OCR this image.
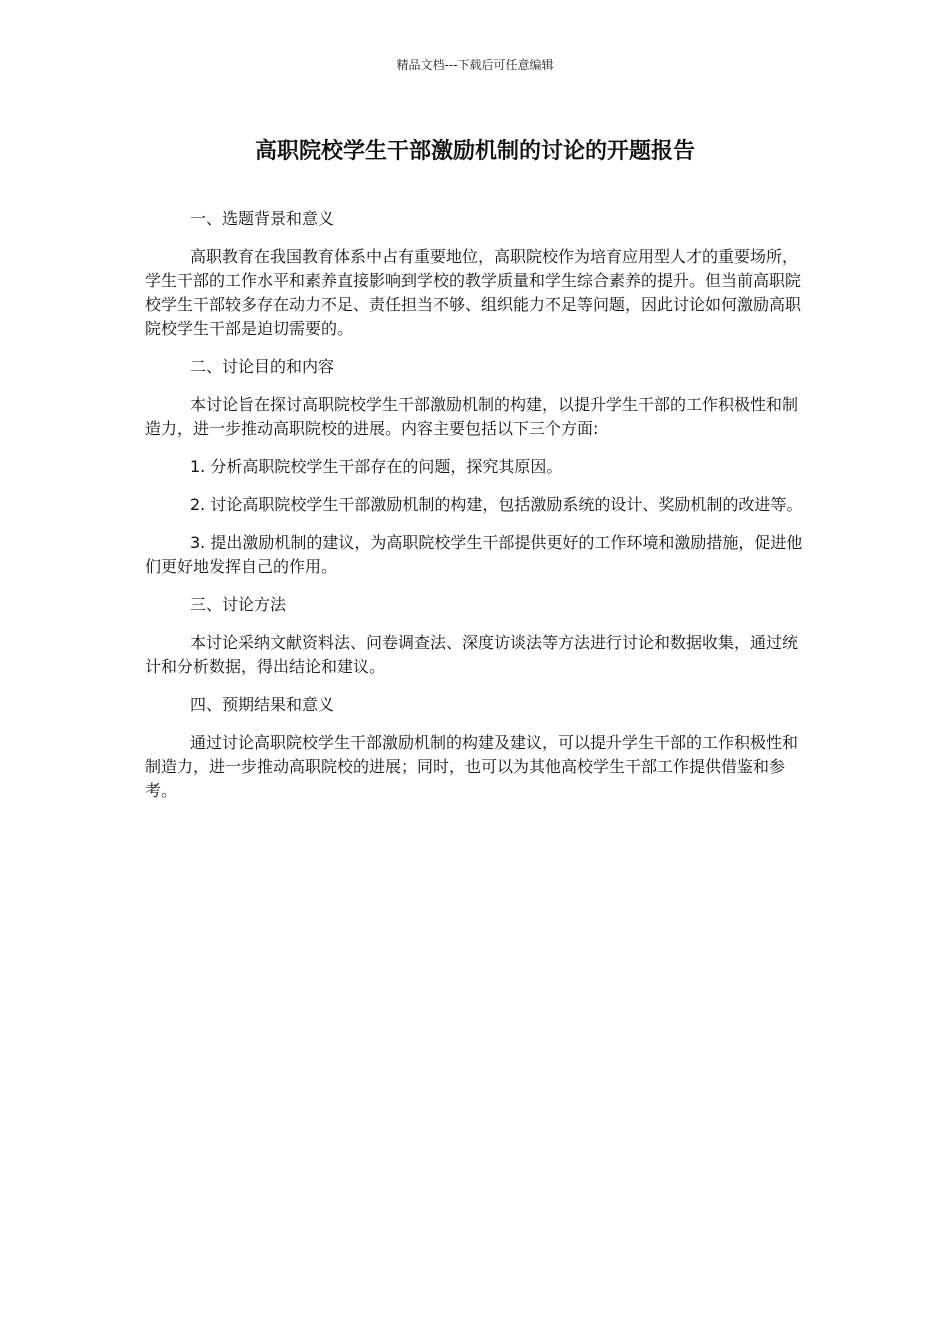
精品文档---下载后可任意编辑
高职院校学生干部激励机制的讨论的开题报告

一、选题背景和意义

高职教育在我国教育体系中占有重要地位，高职院校作为培育应用型人才的重要场所，学生干部的工作水平和素养直接影响到学校的教学质量和学生综合素养的提升。但当前高职院校学生干部较多存在动力不足、责任担当不够、组织能力不足等问题，因此讨论如何激励高职院校学生干部是迫切需要的。

二、讨论目的和内容

本讨论旨在探讨高职院校学生干部激励机制的构建，以提升学生干部的工作积极性和制造力，进一步推动高职院校的进展。内容主要包括以下三个方面:

1. 分析高职院校学生干部存在的问题，探究其原因。

2. 讨论高职院校学生干部激励机制的构建，包括激励系统的设计、奖励机制的改进等。

3. 提出激励机制的建议，为高职院校学生干部提供更好的工作环境和激励措施，促进他们更好地发挥自己的作用。

三、讨论方法

本讨论采纳文献资料法、问卷调查法、深度访谈法等方法进行讨论和数据收集，通过统计和分析数据，得出结论和建议。

四、预期结果和意义

通过讨论高职院校学生干部激励机制的构建及建议，可以提升学生干部的工作积极性和制造力，进一步推动高职院校的进展；同时，也可以为其他高校学生干部工作提供借鉴和参考。
